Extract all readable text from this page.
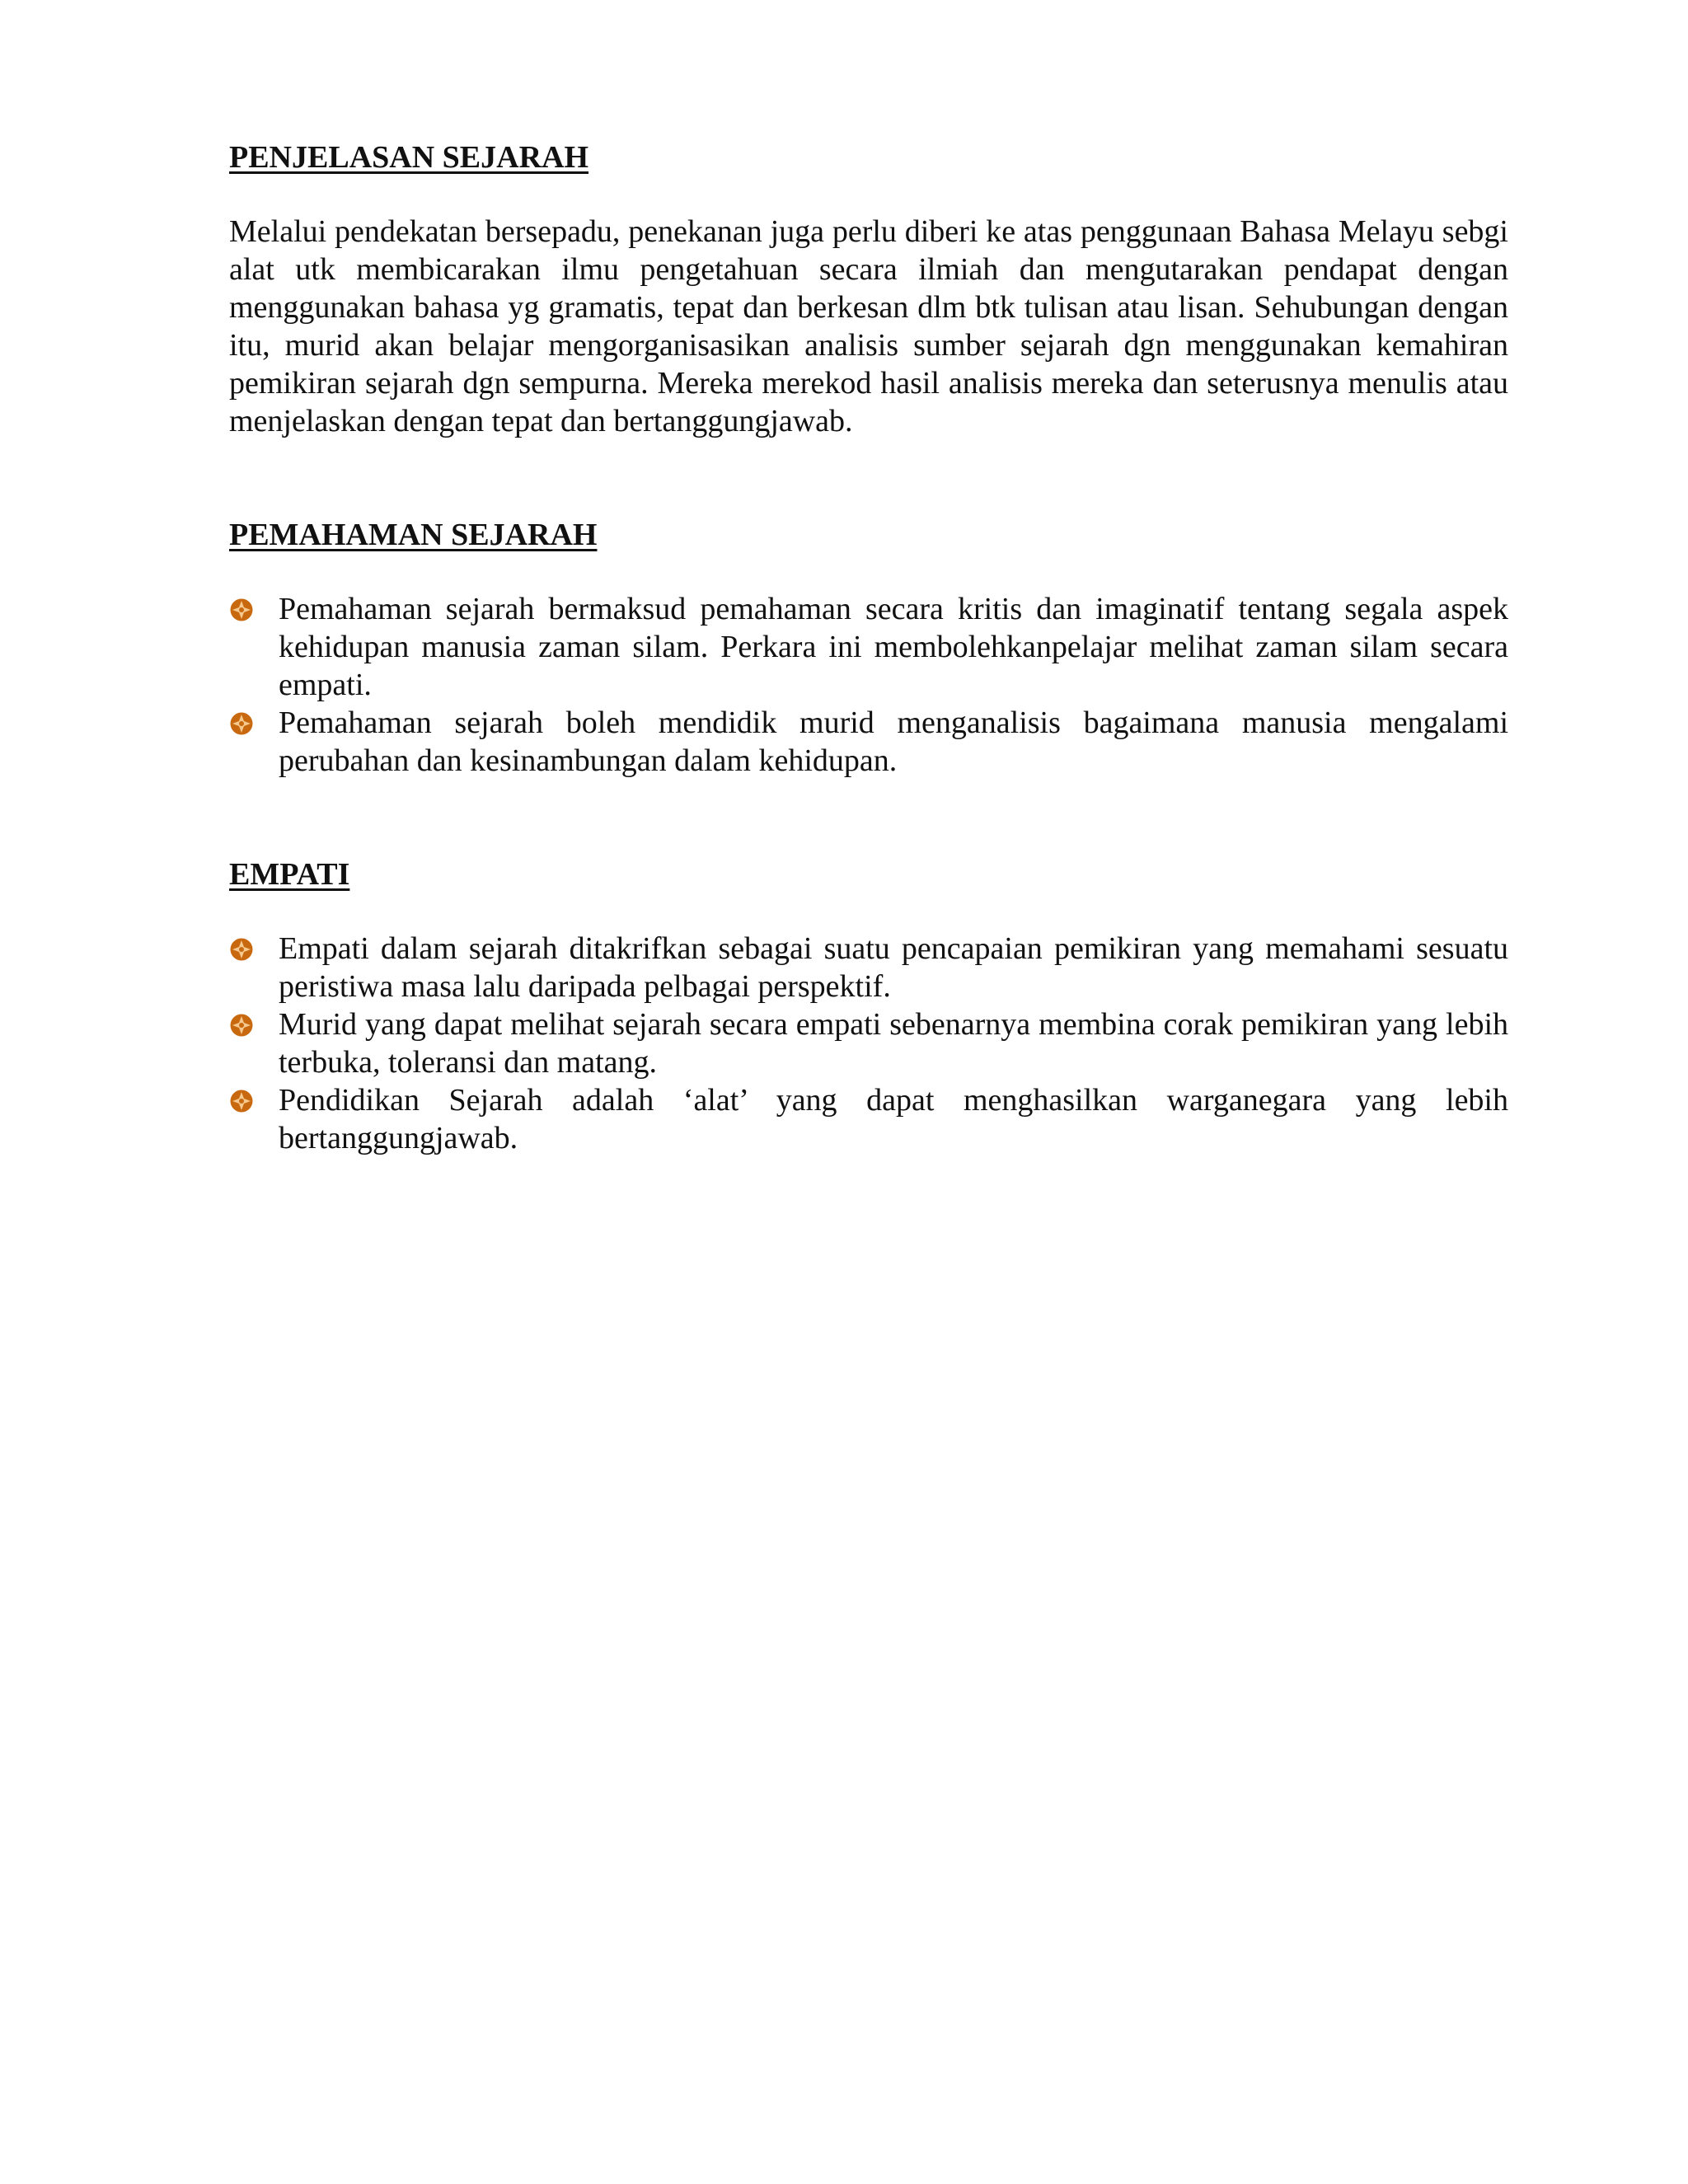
PENJELASAN SEJARAH

Melalui pendekatan bersepadu, penekanan juga perlu diberi ke atas penggunaan Bahasa Melayu sebgi alat utk membicarakan ilmu pengetahuan secara ilmiah dan mengutarakan pendapat dengan menggunakan bahasa yg gramatis, tepat dan berkesan dlm btk tulisan atau lisan. Sehubungan dengan itu, murid akan belajar mengorganisasikan analisis sumber sejarah dgn menggunakan kemahiran pemikiran sejarah dgn sempurna. Mereka merekod hasil analisis mereka dan seterusnya menulis atau menjelaskan dengan tepat dan bertanggungjawab.

PEMAHAMAN SEJARAH
Pemahaman sejarah bermaksud pemahaman secara kritis dan imaginatif tentang segala aspek kehidupan manusia zaman silam. Perkara ini membolehkanpelajar melihat zaman silam secara empati.
Pemahaman sejarah boleh mendidik murid menganalisis bagaimana manusia mengalami perubahan dan kesinambungan dalam kehidupan.
EMPATI
Empati dalam sejarah ditakrifkan sebagai suatu pencapaian pemikiran yang memahami sesuatu peristiwa masa lalu daripada pelbagai perspektif.
Murid yang dapat melihat sejarah secara empati sebenarnya membina corak pemikiran yang lebih terbuka, toleransi dan matang.
Pendidikan Sejarah adalah ‘alat’ yang dapat menghasilkan warganegara yang lebih bertanggungjawab.
